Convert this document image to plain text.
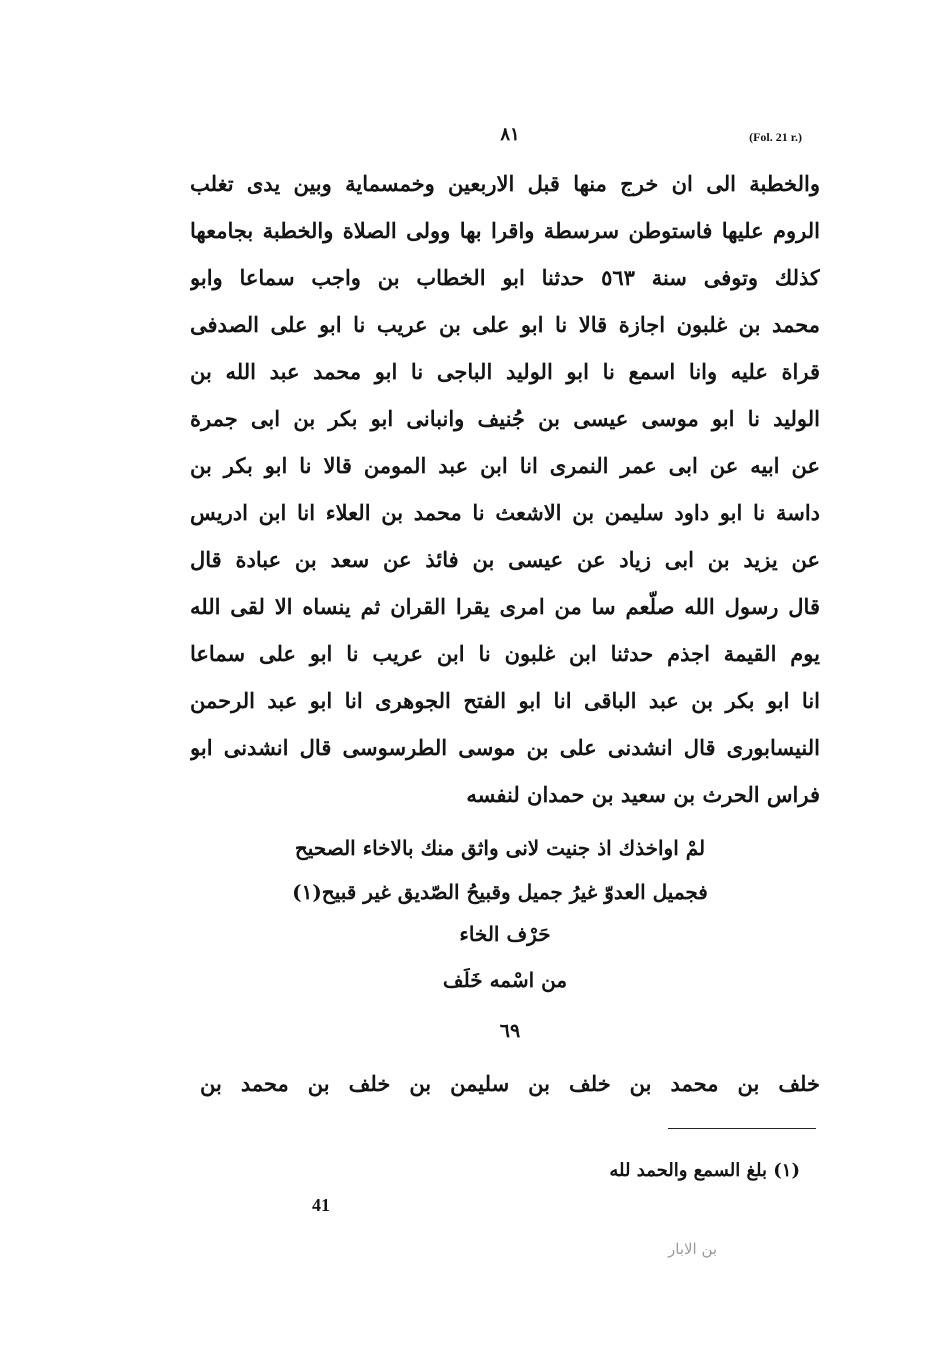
٨١	(Fol. 21 r.)
والخطبة الى ان خرج منها قبل الاربعين وخمسماية وبين يدى تغلب
الروم عليها فاستوطن سرسطة واقرا بها وولى الصلاة والخطبة بجامعها
كذلك وتوفى سنة ٥٦٣ حدثنا ابو الخطاب بن واجب سماعا وابو
محمد بن غلبون اجازة قالا نا ابو على بن عريب نا ابو على الصدفى
قراة عليه وانا اسمع نا ابو الوليد الباجى نا ابو محمد عبد الله بن
الوليد نا ابو موسى عيسى بن جُنيف وانبانى ابو بكر بن ابى جمرة
عن ابيه عن ابى عمر النمرى انا ابن عبد المومن قالا نا ابو بكر بن
داسة نا ابو داود سليمن بن الاشعث نا محمد بن العلاء انا ابن ادريس
عن يزيد بن ابى زياد عن عيسى بن فائذ عن سعد بن عبادة قال
قال رسول الله صلّعم سا من امرى يقرا القران ثم ينساه الا لقى الله
يوم القيمة اجذم حدثنا ابن غلبون نا ابن عريب نا ابو على سماعا
انا ابو بكر بن عبد الباقى انا ابو الفتح الجوهرى انا ابو عبد الرحمن
النيسابورى قال انشدنى على بن موسى الطرسوسى قال انشدنى ابو
فراس الحرث بن سعيد بن حمدان لنفسه
لمْ اواخذك اذ جنيت لانى واثق منك بالاخاء الصحيح
فجميل العدوّ غيرُ جميل وقبيحُ الصّديق غير قبيح(١)
حَرْف الخاء
من اسْمه خَلَف
٦٩
خلف بن محمد بن خلف بن سليمن بن خلف بن محمد بن
(١) بلغ السمع والحمد لله
41
بن الابار
